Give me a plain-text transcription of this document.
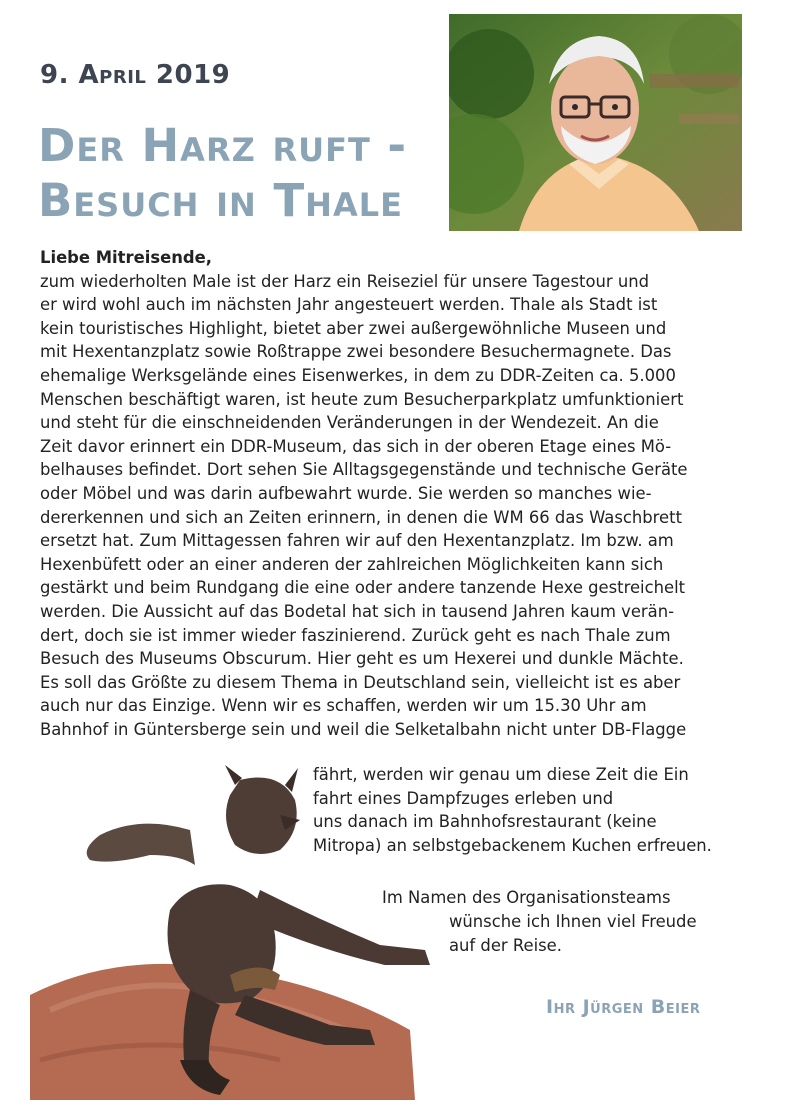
9. April 2019
Der Harz ruft -
Besuch in Thale

Liebe Mitreisende,

zum wiederholten Male ist der Harz ein Reiseziel für unsere Tagestour und
er wird wohl auch im nächsten Jahr angesteuert werden. Thale als Stadt ist
kein touristisches Highlight, bietet aber zwei außergewöhnliche Museen und
mit Hexentanzplatz sowie Roßtrappe zwei besondere Besuchermagnete. Das
ehemalige Werksgelände eines Eisenwerkes, in dem zu DDR-Zeiten ca. 5.000
Menschen beschäftigt waren, ist heute zum Besucherparkplatz umfunktioniert
und steht für die einschneidenden Veränderungen in der Wendezeit. An die
Zeit davor erinnert ein DDR-Museum, das sich in der oberen Etage eines Mö-
belhauses befindet. Dort sehen Sie Alltagsgegenstände und technische Geräte
oder Möbel und was darin aufbewahrt wurde. Sie werden so manches wie-
dererkennen und sich an Zeiten erinnern, in denen die WM 66 das Waschbrett
ersetzt hat. Zum Mittagessen fahren wir auf den Hexentanzplatz. Im bzw. am
Hexenbüfett oder an einer anderen der zahlreichen Möglichkeiten kann sich
gestärkt und beim Rundgang die eine oder andere tanzende Hexe gestreichelt
werden. Die Aussicht auf das Bodetal hat sich in tausend Jahren kaum verän-
dert, doch sie ist immer wieder faszinierend. Zurück geht es nach Thale zum
Besuch des Museums Obscurum. Hier geht es um Hexerei und dunkle Mächte.
Es soll das Größte zu diesem Thema in Deutschland sein, vielleicht ist es aber
auch nur das Einzige. Wenn wir es schaffen, werden wir um 15.30 Uhr am
Bahnhof in Güntersberge sein und weil die Selketalbahn nicht unter DB-Flagge

fährt, werden wir genau um diese Zeit die Ein
fahrt eines Dampfzuges erleben und
uns danach im Bahnhofsrestaurant (keine
Mitropa) an selbstgebackenem Kuchen erfreuen.
Im Namen des Organisationsteams
wünsche ich Ihnen viel Freude
auf der Reise.
Ihr Jürgen Beier
